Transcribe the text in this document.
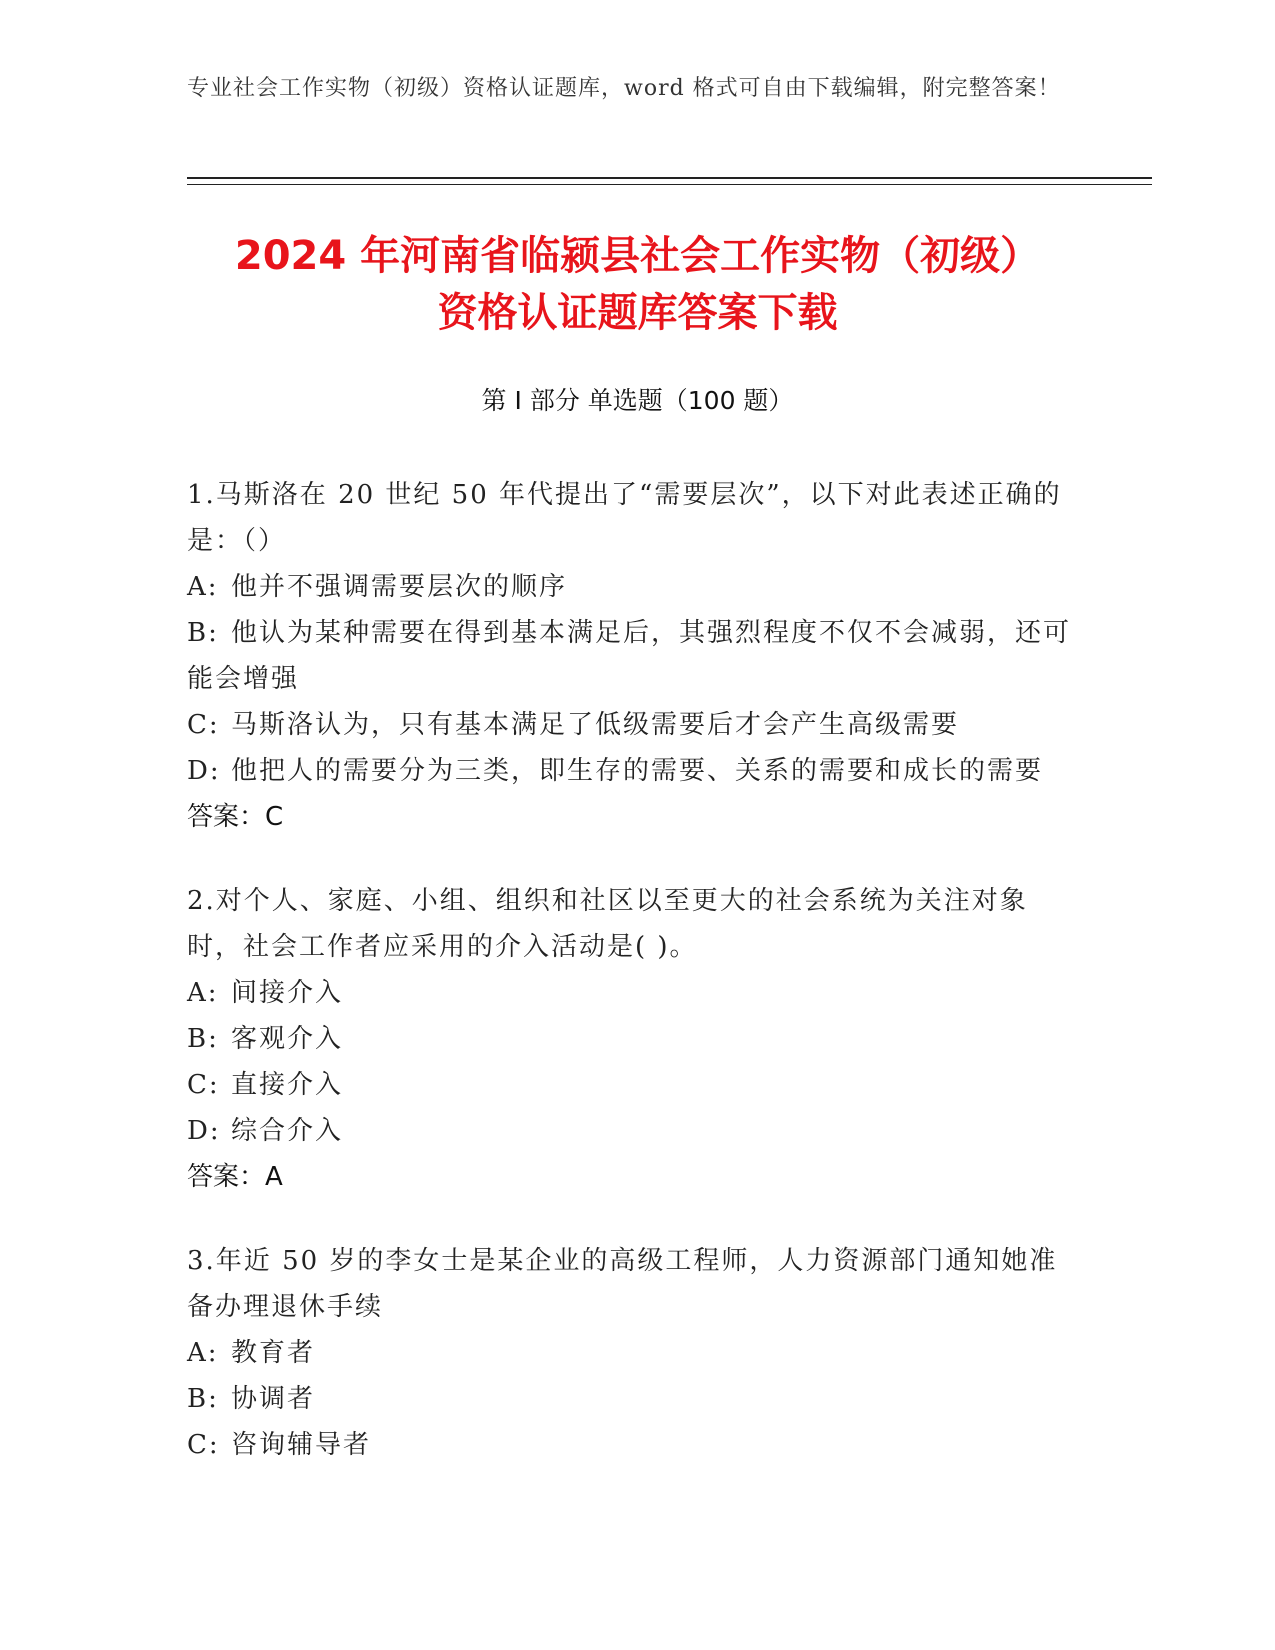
专业社会工作实物（初级）资格认证题库，word 格式可自由下载编辑，附完整答案！
2024 年河南省临颍县社会工作实物（初级）
资格认证题库答案下载
第 I 部分 单选题（100 题）
1.马斯洛在 20 世纪 50 年代提出了“需要层次”，以下对此表述正确的是：（）
A: 他并不强调需要层次的顺序
B: 他认为某种需要在得到基本满足后，其强烈程度不仅不会减弱，还可能会增强
C: 马斯洛认为，只有基本满足了低级需要后才会产生高级需要
D: 他把人的需要分为三类，即生存的需要、关系的需要和成长的需要
答案：C
2.对个人、家庭、小组、组织和社区以至更大的社会系统为关注对象时，社会工作者应采用的介入活动是( )。
A: 间接介入
B: 客观介入
C: 直接介入
D: 综合介入
答案：A
3.年近 50 岁的李女士是某企业的高级工程师，人力资源部门通知她准备办理退休手续
A: 教育者
B: 协调者
C: 咨询辅导者
